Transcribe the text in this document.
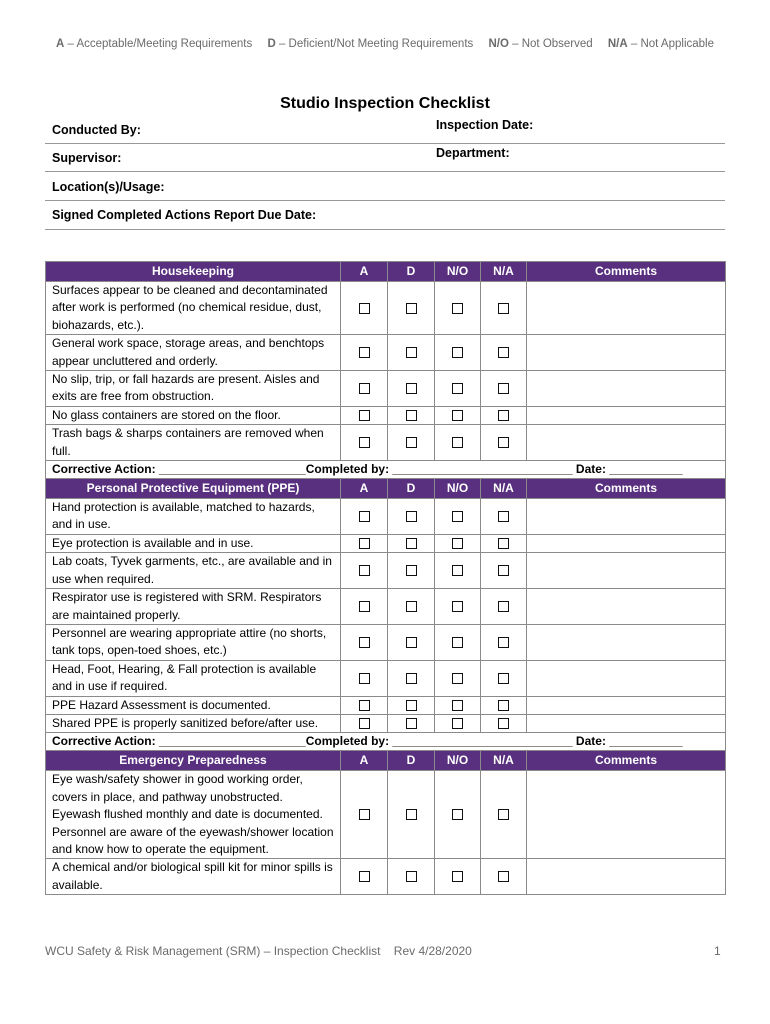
A – Acceptable/Meeting Requirements D – Deficient/Not Meeting Requirements N/O – Not Observed N/A – Not Applicable
Studio Inspection Checklist
Conducted By:	Inspection Date:
Supervisor:	Department:
Location(s)/Usage:
Signed Completed Actions Report Due Date:
Housekeeping	A	D	N/O	N/A	Comments
Surfaces appear to be cleaned and decontaminated after work is performed (no chemical residue, dust, biohazards, etc.).					
General work space, storage areas, and benchtops appear uncluttered and orderly.					
No slip, trip, or fall hazards are present. Aisles and exits are free from obstruction.					
No glass containers are stored on the floor.					
Trash bags & sharps containers are removed when full.					
Corrective Action: ______________________Completed by: ___________________________ Date: ___________					
Personal Protective Equipment (PPE)	A	D	N/O	N/A	Comments
Hand protection is available, matched to hazards, and in use.					
Eye protection is available and in use.					
Lab coats, Tyvek garments, etc., are available and in use when required.					
Respirator use is registered with SRM. Respirators are maintained properly.					
Personnel are wearing appropriate attire (no shorts, tank tops, open-toed shoes, etc.)					
Head, Foot, Hearing, & Fall protection is available and in use if required.					
PPE Hazard Assessment is documented.					
Shared PPE is properly sanitized before/after use.					
Corrective Action: ______________________Completed by: ___________________________ Date: ___________					
Emergency Preparedness	A	D	N/O	N/A	Comments
Eye wash/safety shower in good working order, covers in place, and pathway unobstructed. Eyewash flushed monthly and date is documented. Personnel are aware of the eyewash/shower location and know how to operate the equipment.					
A chemical and/or biological spill kit for minor spills is available.					
WCU Safety & Risk Management (SRM) – Inspection Checklist    Rev 4/28/2020	1
